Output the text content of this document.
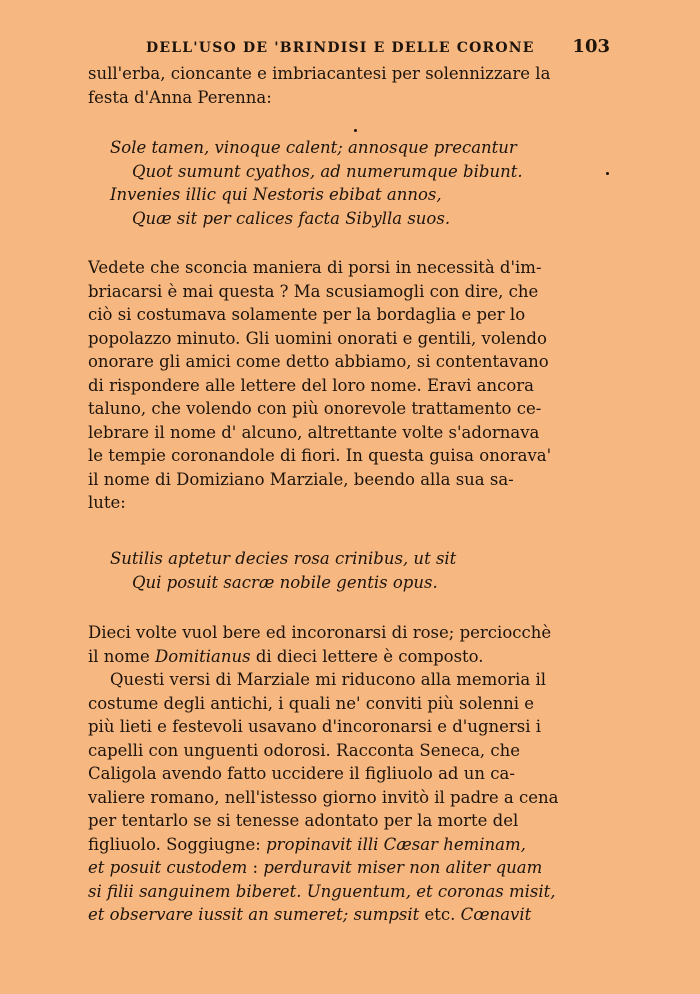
DELL'USO DE 'BRINDISI E DELLE CORONE 103
sull'erba, cioncante e imbriacantesi per solennizzare la
festa d'Anna Perenna:
Sole tamen, vinoque calent; annosque precantur
Quot sumunt cyathos, ad numerumque bibunt.
Invenies illic qui Nestoris ebibat annos,
Quæ sit per calices facta Sibylla suos.
Vedete che sconcia maniera di porsi in necessità d'im-
briacarsi è mai questa ? Ma scusiamogli con dire, che
ciò si costumava solamente per la bordaglia e per lo
popolazzo minuto. Gli uomini onorati e gentili, volendo
onorare gli amici come detto abbiamo, si contentavano
di rispondere alle lettere del loro nome. Eravi ancora
taluno, che volendo con più onorevole trattamento ce-
lebrare il nome d' alcuno, altrettante volte s'adornava
le tempie coronandole di fiori. In questa guisa onorava'
il nome di Domiziano Marziale, beendo alla sua sa-
lute:
Sutilis aptetur decies rosa crinibus, ut sit
Qui posuit sacræ nobile gentis opus.
Dieci volte vuol bere ed incoronarsi di rose; perciocchè
il nome Domitianus di dieci lettere è composto.
Questi versi di Marziale mi riducono alla memoria il
costume degli antichi, i quali ne' conviti più solenni e
più lieti e festevoli usavano d'incoronarsi e d'ugnersi i
capelli con unguenti odorosi. Racconta Seneca, che
Caligola avendo fatto uccidere il figliuolo ad un ca-
valiere romano, nell'istesso giorno invitò il padre a cena
per tentarlo se si tenesse adontato per la morte del
figliuolo. Soggiugne: propinavit illi Cæsar heminam,
et posuit custodem : perduravit miser non aliter quam
si filii sanguinem biberet. Unguentum, et coronas misit,
et observare iussit an sumeret; sumpsit etc. Cœnavit
